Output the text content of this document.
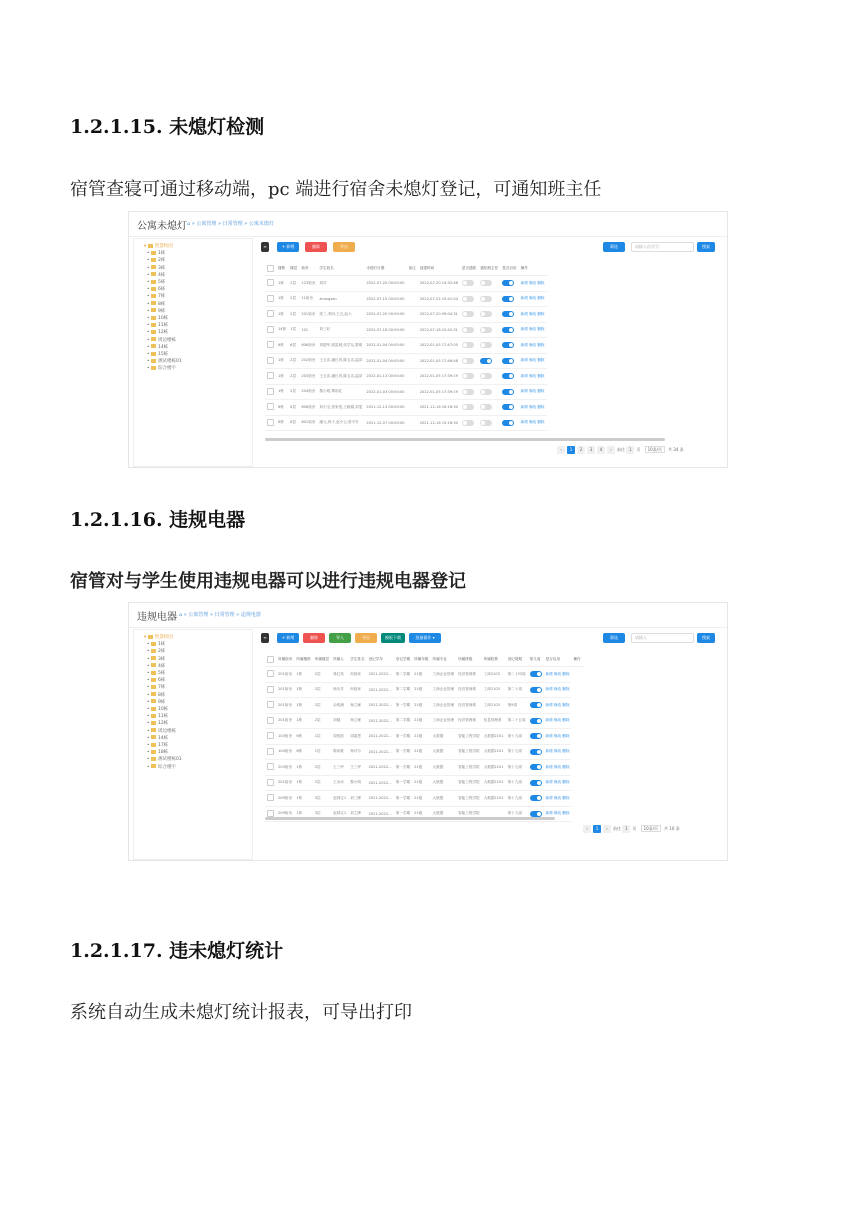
1.2.1.15. 未熄灯检测
宿管查寝可通过移动端，pc 端进行宿舍未熄灯登记，可通知班主任
公寓未熄灯 ⌂ » 公寓管理 » 日常管理 » 公寓未熄灯
▾ 智慧校园
• 1栋
• 2栋
• 3栋
• 4栋
• 5栋
• 6栋
• 7栋
• 8栋
• 9栋
• 10栋
• 11栋
• 12栋
• 周边楼栋
• 14栋
• 15栋
• 测试楼栋01
• 综合楼宇
≡	+ 新增	删除	导出	筛选	请输入宿舍号	搜索
	楼栋	楼层	宿舍	学生姓名	未熄灯日期	备注	创建时间	是否通知	通知班主任	是否启用	操作
	1栋	2层	123宿舍	刘洋	2022-07-20 00:00:00		2022-07-20 14:32:46				新增 修改 删除
	1栋	2层	11宿舍	zhangsan	2022-07-15 00:00:00		2022-07-22 15:41:04				新增 修改 删除
	1栋	2层	201宿舍	张三,李四,王五,赵六	2022-07-20 00:00:00		2022-07-20 09:04:31				新增 修改 删除
	14栋	1层	101	刘三好	2022-07-18 00:00:00		2022-07-18 10:42:31				新增 修改 删除
	6栋	6层	606宿舍	刘德华,郭富城,张学友,黎明	2022-01-04 00:00:00		2022-01-05 17:47:05				新增 修改 删除
	1栋	2层	202宿舍	王五洋,潘长风,陈玉洁,温泽	2022-01-04 00:00:00		2022-01-05 17:46:48				新增 修改 删除
	1栋	2层	203宿舍	王五洋,潘长风,陈玉洁,温泽	2022-01-13 00:00:00		2022-01-05 17:39:19				新增 修改 删除
	1栋	2层	204宿舍	黎小明,覃彩虹	2022-01-03 00:00:00		2022-01-05 17:39:19				新增 修改 删除
	6栋	6层	606宿舍	刘小宝,张家悦,王晓娟,刘雯	2021-12-13 00:00:00		2021-12-16 16:16:30				新增 修改 删除
	6栋	6层	601宿舍	潘元,蒋子,赵小云,曾平安	2021-12-07 00:00:00		2021-12-16 15:16:30				新增 修改 删除
‹ 1 2 3 4 › 前往 1 页 10条/页 共 34 条
1.2.1.16. 违规电器
宿管对与学生使用违规电器可以进行违规电器登记
违规电器 ⌂ » 公寓管理 » 日常管理 » 违规电器
▾ 智慧校园
• 1栋
• 2栋
• 3栋
• 4栋
• 5栋
• 6栋
• 7栋
• 8栋
• 9栋
• 10栋
• 11栋
• 12栋
• 周边楼栋
• 14栋
• 17栋
• 18栋
• 测试楼栋01
• 综合楼宇
≡	+ 新增	删除	导入	导出	模板下载	批量操作 ▾	筛选	请输入	搜索
	所属宿舍	所属楼栋	所属楼层	所属人	学生姓名	登记学年	登记学期	所属年级	所属专业	所属班级	所属院系	登记周期	第几周	是否启用	操作
	201宿舍	1栋	2层	林红英	何庭家	2021-2022…	第二学期	21级	工商企业管理	经济管理系	工商2103	第二十四周		新增 修改 删除	
	201宿舍	1栋	2层	杨历芳	何庭家	2021-2022…	第二学期	21级	工商企业管理	经济管理系	工商2103	第二十周		新增 修改 删除	
	201宿舍	1栋	2层	余锐涵	杨立雁	2021-2022…	第一学期	21级	工商企业管理	经济管理系	工商2103	第9周		新增 修改 删除	
	201宿舍	1栋	2层	刘健	杨立雁	2021-2022…	第二学期	21级	工商企业管理	经济管理系	信息管理系	第二十五周		新增 修改 删除	
	103宿舍	6栋	1层	周悦波	周嘉恩	2021-2022…	第一学期	21级	大数据	智能工程学院	大数据2101	第十九周		新增 修改 删除	
	104宿舍	6栋	1层	陈伟豪	杨可尔	2021-2022…	第一学期	21级	大数据	智能工程学院	大数据2101	第十九周		新增 修改 删除	
	203宿舍	1栋	2层	王三坪	王三坪	2021-2022…	第一学期	21级	大数据	智能工程学院	大数据2101	第十九周		新增 修改 删除	
	201宿舍	1栋	2层	王冰冰	黎小明	2021-2022…	第一学期	21级	大数据	智能工程学院	大数据2101	第十九周		新增 修改 删除	
	209宿舍	1栋	3层	赵林宝1	刘三牌	2021-2022…	第一学期	21级	大数据	智能工程学院	大数据2101	第十九周		新增 修改 删除	
	209宿舍	1栋	3层	赵林宝1	刘之牌	2021-2022…	第一学期	21级	大数据	智能工程学院		第十九周		新增 修改 删除	
‹ 1 › 前往 1 页 10条/页 共 10 条
1.2.1.17. 违未熄灯统计
系统自动生成未熄灯统计报表，可导出打印
